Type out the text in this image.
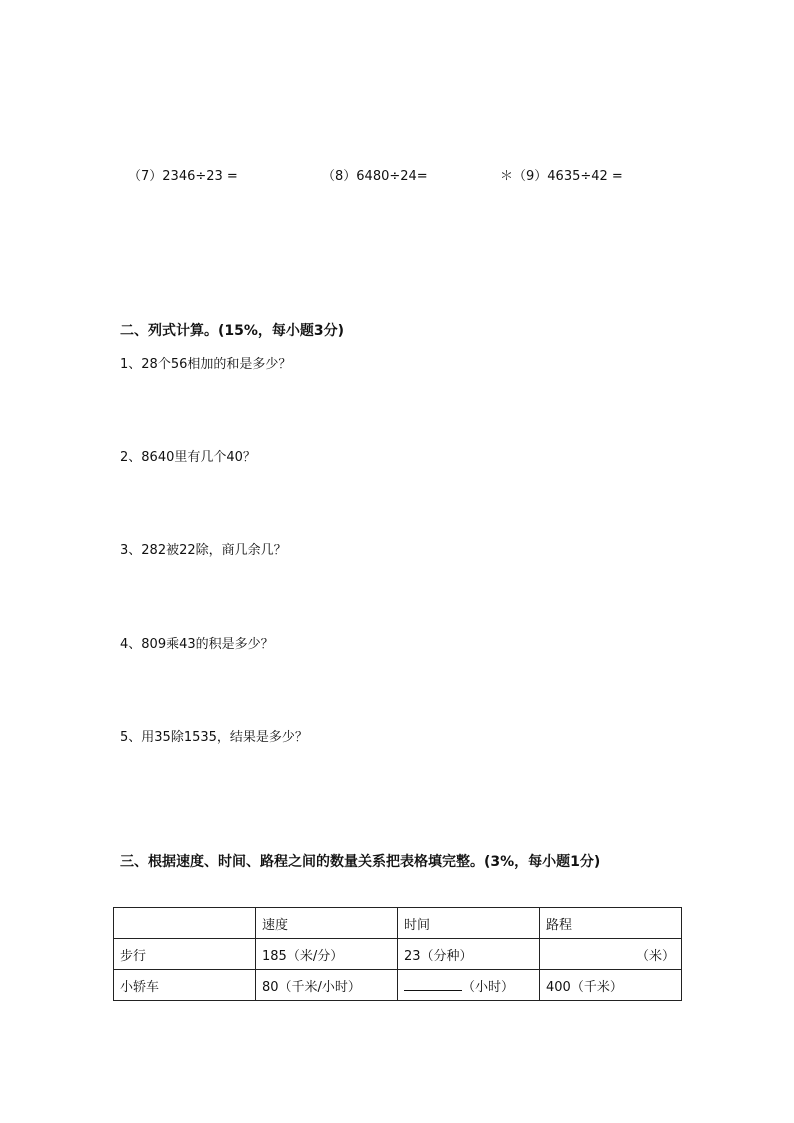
（7）2346÷23 =	（8）6480÷24=	＊（9）4635÷42 =
二、列式计算。(15%，每小题3分)
1、28个56相加的和是多少？
2、8640里有几个40？
3、282被22除，商几余几？
4、809乘43的积是多少？
5、用35除1535，结果是多少？
三、根据速度、时间、路程之间的数量关系把表格填完整。(3%，每小题1分)
	速度	时间	路程
步行	185（米/分）	23（分种）	（米）
小轿车	80（千米/小时）	（小时）	400（千米）
